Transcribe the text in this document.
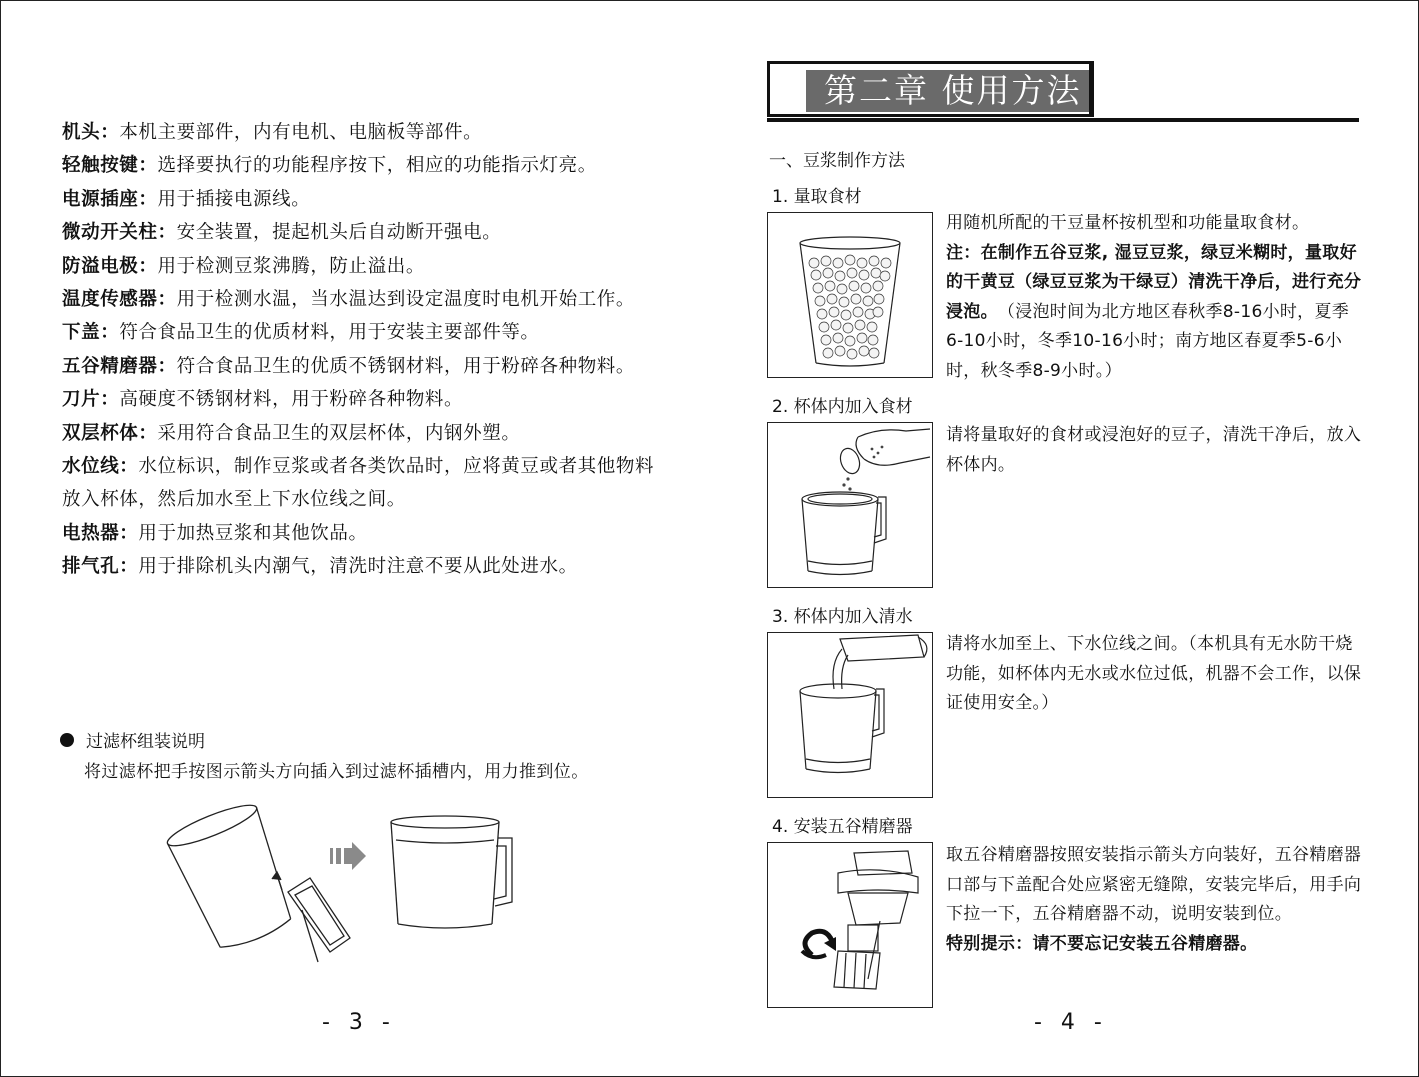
机头：本机主要部件，内有电机、电脑板等部件。

轻触按键：选择要执行的功能程序按下，相应的功能指示灯亮。

电源插座：用于插接电源线。

微动开关柱：安全装置，提起机头后自动断开强电。

防溢电极：用于检测豆浆沸腾，防止溢出。

温度传感器：用于检测水温，当水温达到设定温度时电机开始工作。

下盖：符合食品卫生的优质材料，用于安装主要部件等。

五谷精磨器：符合食品卫生的优质不锈钢材料，用于粉碎各种物料。

刀片：高硬度不锈钢材料，用于粉碎各种物料。

双层杯体：采用符合食品卫生的双层杯体，内钢外塑。

水位线：水位标识，制作豆浆或者各类饮品时，应将黄豆或者其他物料放入杯体，然后加水至上下水位线之间。

电热器：用于加热豆浆和其他饮品。

排气孔：用于排除机头内潮气，清洗时注意不要从此处进水。

过滤杯组装说明
将过滤杯把手按图示箭头方向插入到过滤杯插槽内，用力推到位。
- 3 -
第二章 使用方法
一、豆浆制作方法
1. 量取食材
用随机所配的干豆量杯按机型和功能量取食材。
注：在制作五谷豆浆, 湿豆豆浆，绿豆米糊时，量取好的干黄豆（绿豆豆浆为干绿豆）清洗干净后，进行充分浸泡。（浸泡时间为北方地区春秋季8-16小时，夏季6-10小时，冬季10-16小时；南方地区春夏季5-6小时，秋冬季8-9小时。）
2. 杯体内加入食材
请将量取好的食材或浸泡好的豆子，清洗干净后，放入杯体内。
3. 杯体内加入清水
请将水加至上、下水位线之间。（本机具有无水防干烧功能，如杯体内无水或水位过低，机器不会工作，以保证使用安全。）
4. 安装五谷精磨器
取五谷精磨器按照安装指示箭头方向装好，五谷精磨器口部与下盖配合处应紧密无缝隙，安装完毕后，用手向下拉一下，五谷精磨器不动，说明安装到位。
特别提示：请不要忘记安装五谷精磨器。
- 4 -
